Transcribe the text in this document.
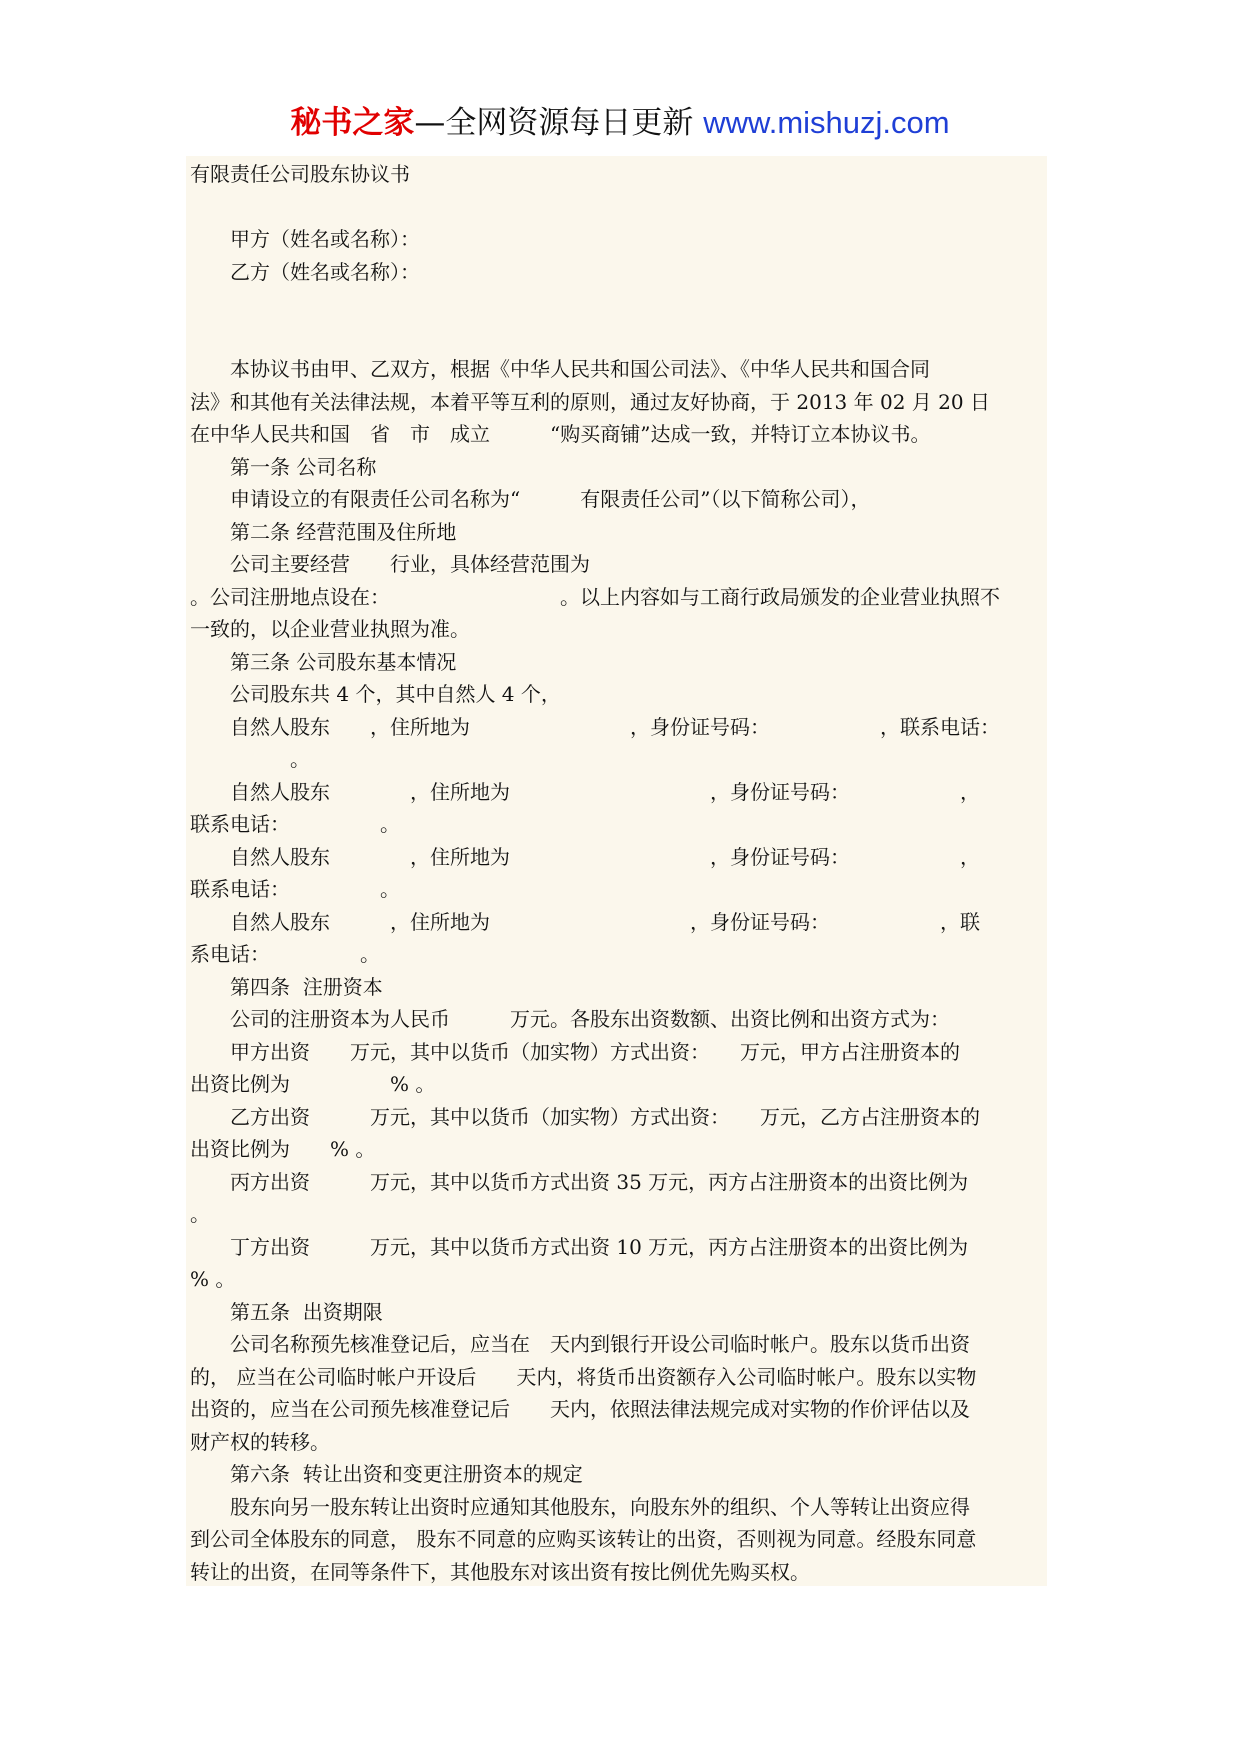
秘书之家—全网资源每日更新 www.mishuzj.com

有限责任公司股东协议书

　　甲方（姓名或名称）：

　　乙方（姓名或名称）：

　　本协议书由甲、乙双方，根据《中华人民共和国公司法》、《中华人民共和国合同

法》和其他有关法律法规，本着平等互利的原则，通过友好协商，于 2013 年 02 月 20 日

在中华人民共和国　省　市　成立　　　“购买商铺”达成一致，并特订立本协议书。

　　第一条 公司名称

　　申请设立的有限责任公司名称为“　　　有限责任公司”（以下简称公司），

　　第二条 经营范围及住所地

　　公司主要经营　　行业，具体经营范围为

。公司注册地点设在：　　　　　　　　　。以上内容如与工商行政局颁发的企业营业执照不

一致的，以企业营业执照为准。

　　第三条 公司股东基本情况

　　公司股东共 4 个，其中自然人 4 个，

　　自然人股东　　，住所地为　　　　　　　　，身份证号码：　　　　　　，联系电话：

　　　　　。

　　自然人股东　　　　，住所地为　　　　　　　　　　，身份证号码：　　　　　　，

联系电话：　　　　　。

　　自然人股东　　　　，住所地为　　　　　　　　　　，身份证号码：　　　　　　，

联系电话：　　　　　。

　　自然人股东　　　，住所地为　　　　　　　　　　，身份证号码：　　　　　　，联

系电话：　　　　　。

　　第四条  注册资本

　　公司的注册资本为人民币　　　万元。各股东出资数额、出资比例和出资方式为：

　　甲方出资　　万元，其中以货币（加实物）方式出资：　　万元，甲方占注册资本的

出资比例为　　　　　% 。

　　乙方出资　　　万元，其中以货币（加实物）方式出资：　　万元，乙方占注册资本的

出资比例为　　% 。

　　丙方出资　　　万元，其中以货币方式出资 35 万元，丙方占注册资本的出资比例为

。

　　丁方出资　　　万元，其中以货币方式出资 10 万元，丙方占注册资本的出资比例为

% 。

　　第五条  出资期限

　　公司名称预先核准登记后，应当在　天内到银行开设公司临时帐户。股东以货币出资

的， 应当在公司临时帐户开设后　　天内，将货币出资额存入公司临时帐户。股东以实物

出资的，应当在公司预先核准登记后　　天内，依照法律法规完成对实物的作价评估以及

财产权的转移。

　　第六条  转让出资和变更注册资本的规定

　　股东向另一股东转让出资时应通知其他股东，向股东外的组织、个人等转让出资应得

到公司全体股东的同意， 股东不同意的应购买该转让的出资，否则视为同意。经股东同意

转让的出资，在同等条件下，其他股东对该出资有按比例优先购买权。
